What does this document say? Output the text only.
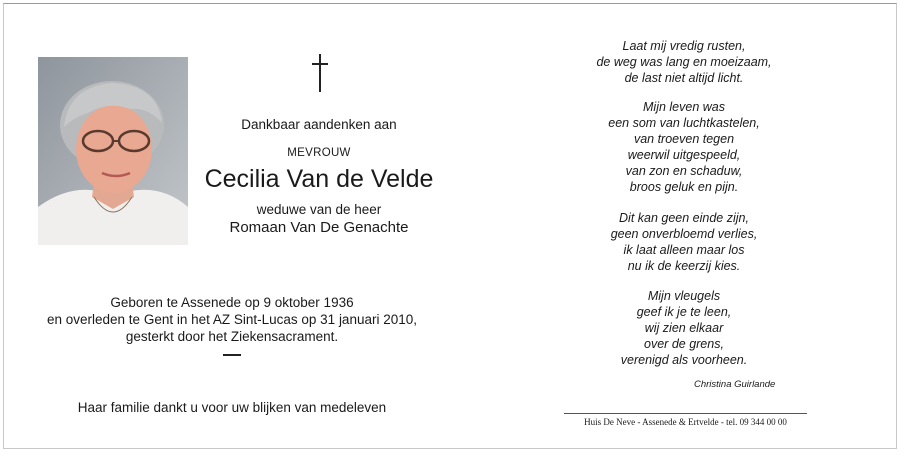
Dankbaar aandenken aan
MEVROUW
Cecilia Van de Velde
weduwe van de heer
Romaan Van De Genachte
Geboren te Assenede op 9 oktober 1936
en overleden te Gent in het AZ Sint-Lucas op 31 januari 2010,
gesterkt door het Ziekensacrament.
Haar familie dankt u voor uw blijken van medeleven
Laat mij vredig rusten,
de weg was lang en moeizaam,
de last niet altijd licht.
Mijn leven was
een som van luchtkastelen,
van troeven tegen
weerwil uitgespeeld,
van zon en schaduw,
broos geluk en pijn.
Dit kan geen einde zijn,
geen onverbloemd verlies,
ik laat alleen maar los
nu ik de keerzij kies.
Mijn vleugels
geef ik je te leen,
wij zien elkaar
over de grens,
verenigd als voorheen.
Christina Guirlande
Huis De Neve - Assenede & Ertvelde - tel. 09 344 00 00
